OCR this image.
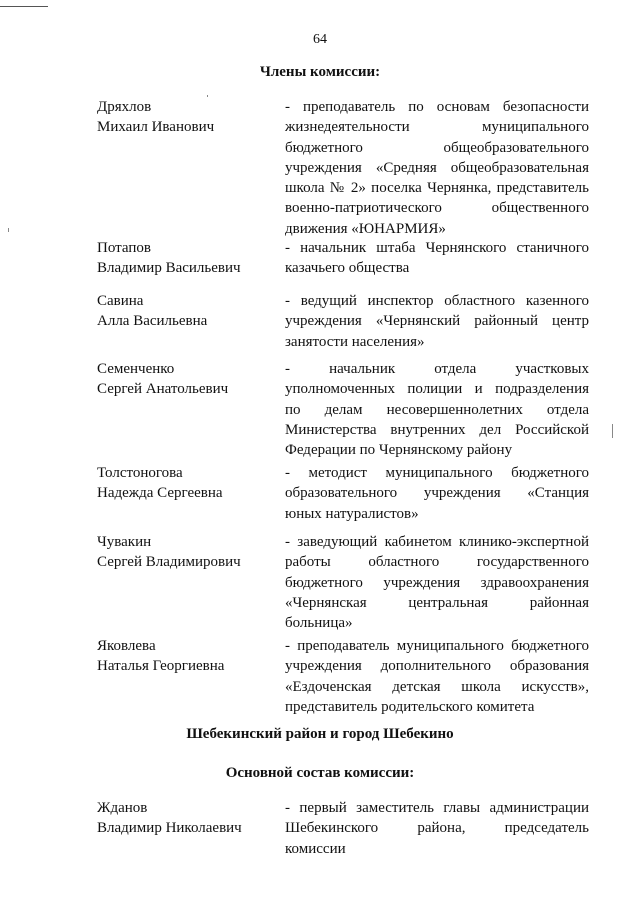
64
Члены комиссии:
Дряхлов
Михаил Иванович
- преподаватель по основам безопасности
жизнедеятельности муниципального
бюджетного общеобразовательного
учреждения «Средняя общеобразовательная
школа № 2» поселка Чернянка, представитель
военно-патриотического общественного
движения «ЮНАРМИЯ»
Потапов
Владимир Васильевич
- начальник штаба Чернянского станичного
казачьего общества
Савина
Алла Васильевна
- ведущий инспектор областного казенного
учреждения «Чернянский районный центр
занятости населения»
Семенченко
Сергей Анатольевич
- начальник отдела участковых
уполномоченных полиции и подразделения
по делам несовершеннолетних отдела
Министерства внутренних дел Российской
Федерации по Чернянскому району
Толстоногова
Надежда Сергеевна
- методист муниципального бюджетного
образовательного учреждения «Станция
юных натуралистов»
Чувакин
Сергей Владимирович
- заведующий кабинетом клинико-экспертной
работы областного государственного
бюджетного учреждения здравоохранения
«Чернянская центральная районная
больница»
Яковлева
Наталья Георгиевна
- преподаватель муниципального бюджетного
учреждения дополнительного образования
«Ездоченская детская школа искусств»,
представитель родительского комитета
Жданов
Владимир Николаевич
- первый заместитель главы администрации
Шебекинского района, председатель
комиссии
Шебекинский район и город Шебекино
Основной состав комиссии:
